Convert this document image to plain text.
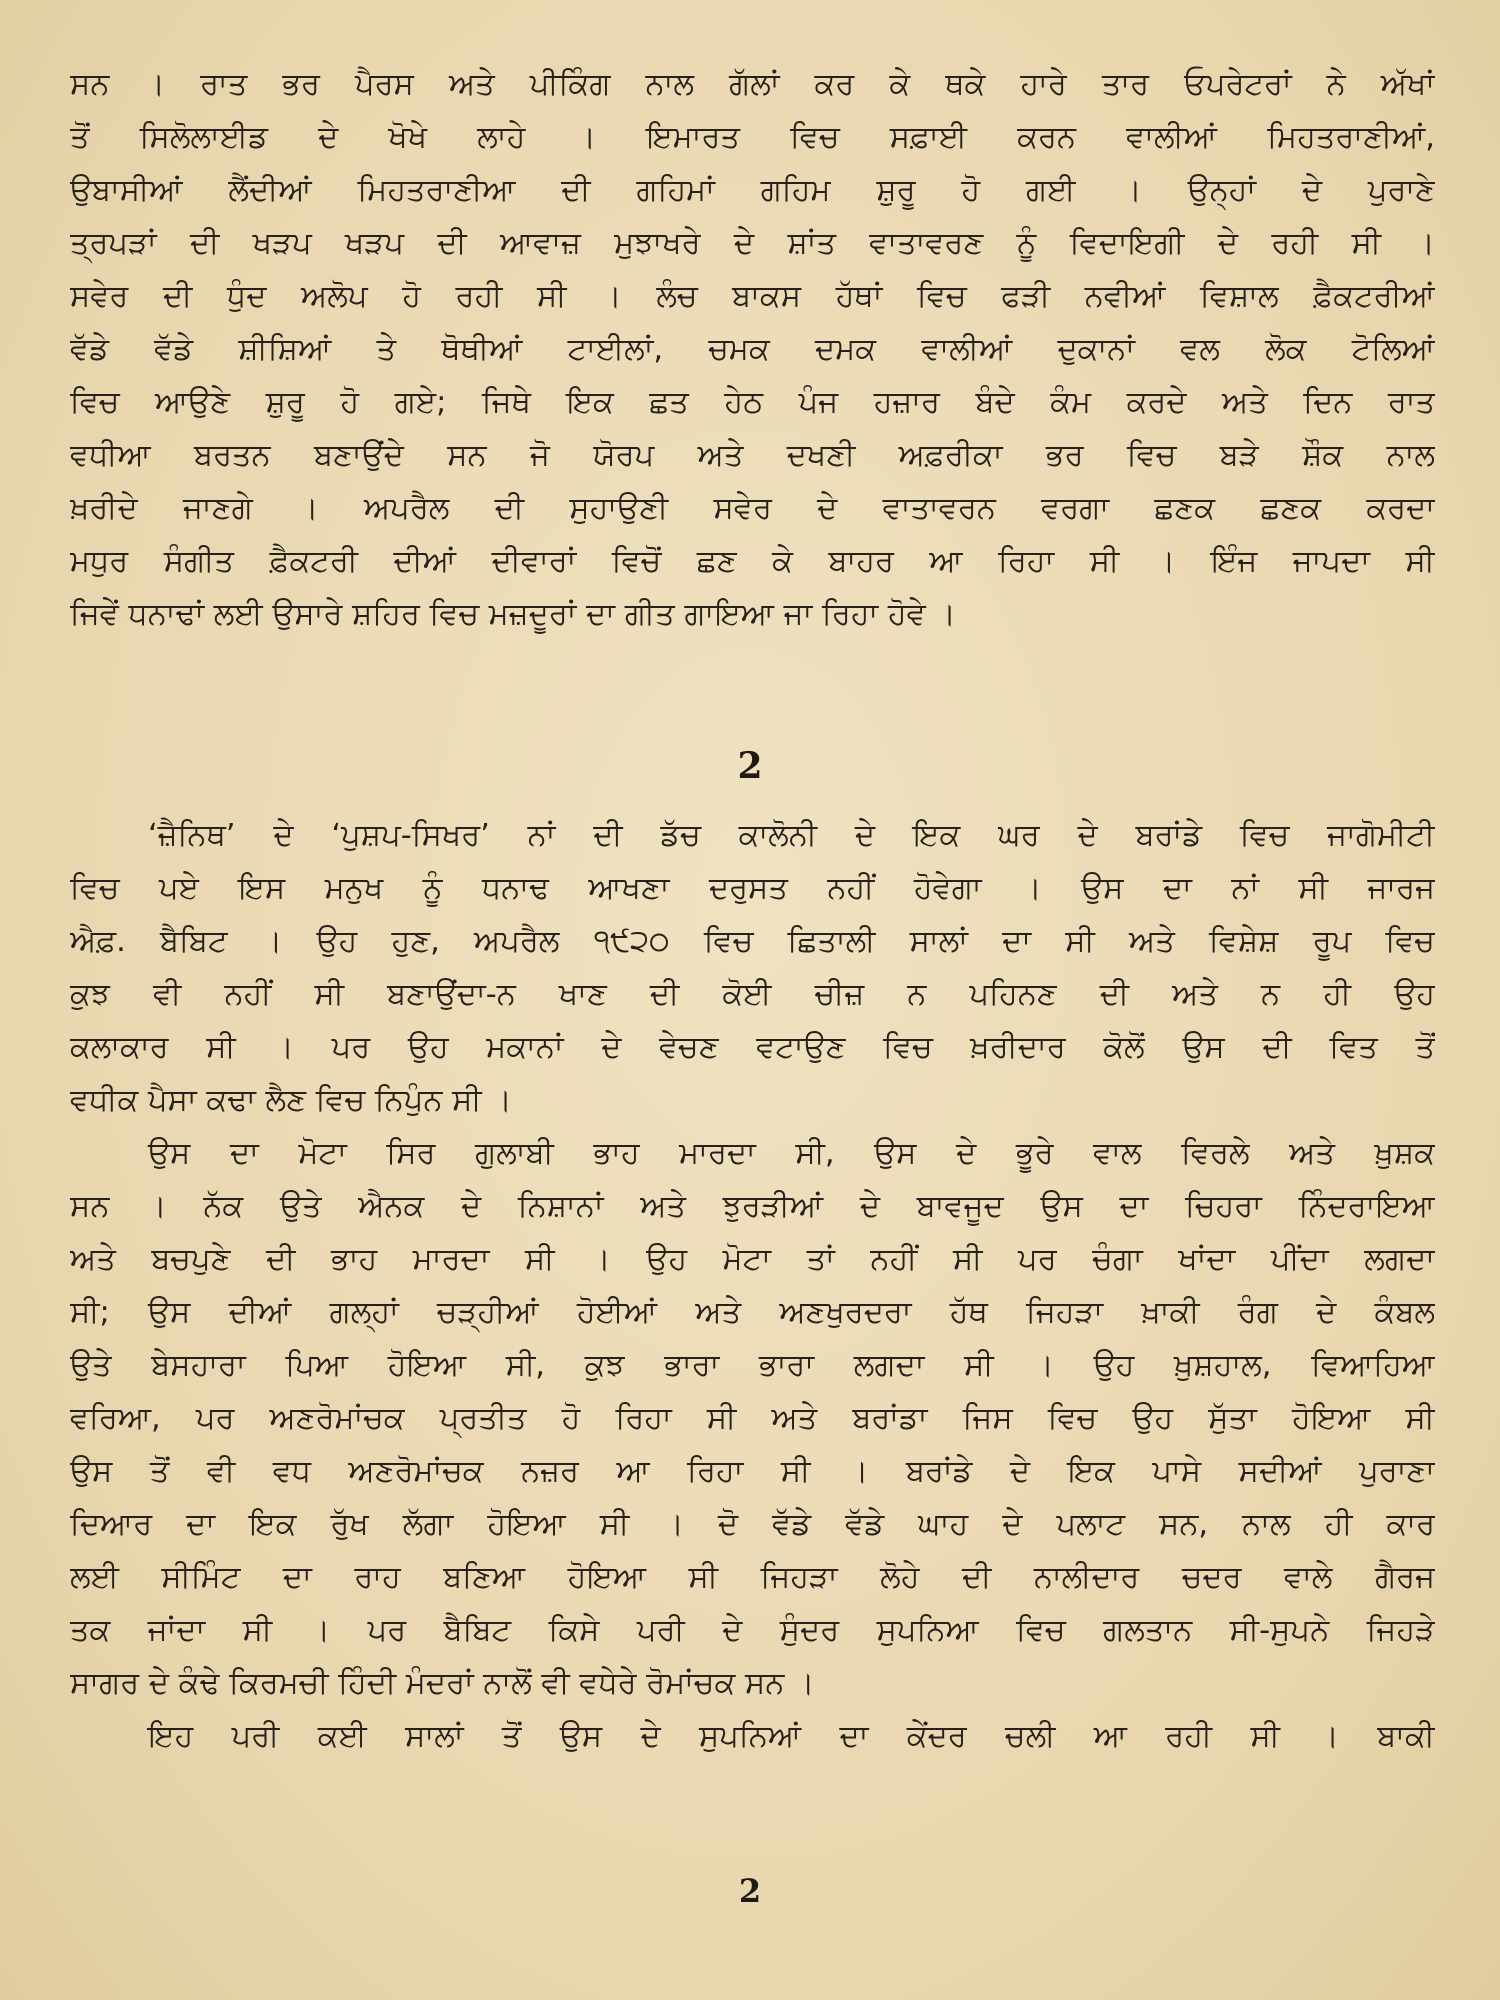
ਸਨ । ਰਾਤ ਭਰ ਪੈਰਸ ਅਤੇ ਪੀਕਿੰਗ ਨਾਲ ਗੱਲਾਂ ਕਰ ਕੇ ਥਕੇ ਹਾਰੇ ਤਾਰ ਓਪਰੇਟਰਾਂ ਨੇ ਅੱਖਾਂ
ਤੋਂ ਸਿਲੋਲਾਈਡ ਦੇ ਖੋਖੇ ਲਾਹੇ । ਇਮਾਰਤ ਵਿਚ ਸਫ਼ਾਈ ਕਰਨ ਵਾਲੀਆਂ ਮਿਹਤਰਾਣੀਆਂ,
ਉਬਾਸੀਆਂ ਲੈਂਦੀਆਂ ਮਿਹਤਰਾਣੀਆ ਦੀ ਗਹਿਮਾਂ ਗਹਿਮ ਸ਼ੁਰੂ ਹੋ ਗਈ । ਉਨ੍ਹਾਂ ਦੇ ਪੁਰਾਣੇ
ਤ੍ਰਪੜਾਂ ਦੀ ਖੜਪ ਖੜਪ ਦੀ ਆਵਾਜ਼ ਮੁਝਾਖਰੇ ਦੇ ਸ਼ਾਂਤ ਵਾਤਾਵਰਣ ਨੂੰ ਵਿਦਾਇਗੀ ਦੇ ਰਹੀ ਸੀ ।
ਸਵੇਰ ਦੀ ਧੁੰਦ ਅਲੋਪ ਹੋ ਰਹੀ ਸੀ । ਲੰਚ ਬਾਕਸ ਹੱਥਾਂ ਵਿਚ ਫੜੀ ਨਵੀਆਂ ਵਿਸ਼ਾਲ ਫ਼ੈਕਟਰੀਆਂ
ਵੱਡੇ ਵੱਡੇ ਸ਼ੀਸ਼ਿਆਂ ਤੇ ਥੋਥੀਆਂ ਟਾਈਲਾਂ, ਚਮਕ ਦਮਕ ਵਾਲੀਆਂ ਦੁਕਾਨਾਂ ਵਲ ਲੋਕ ਟੋਲਿਆਂ
ਵਿਚ ਆਉਣੇ ਸ਼ੁਰੂ ਹੋ ਗਏ; ਜਿਥੇ ਇਕ ਛਤ ਹੇਠ ਪੰਜ ਹਜ਼ਾਰ ਬੰਦੇ ਕੰਮ ਕਰਦੇ ਅਤੇ ਦਿਨ ਰਾਤ
ਵਧੀਆ ਬਰਤਨ ਬਣਾਉਂਦੇ ਸਨ ਜੋ ਯੋਰਪ ਅਤੇ ਦਖਣੀ ਅਫ਼ਰੀਕਾ ਭਰ ਵਿਚ ਬੜੇ ਸ਼ੌਕ ਨਾਲ
ਖ਼ਰੀਦੇ ਜਾਣਗੇ । ਅਪਰੈਲ ਦੀ ਸੁਹਾਉਣੀ ਸਵੇਰ ਦੇ ਵਾਤਾਵਰਨ ਵਰਗਾ ਛਣਕ ਛਣਕ ਕਰਦਾ
ਮਧੁਰ ਸੰਗੀਤ ਫ਼ੈਕਟਰੀ ਦੀਆਂ ਦੀਵਾਰਾਂ ਵਿਚੋਂ ਛਣ ਕੇ ਬਾਹਰ ਆ ਰਿਹਾ ਸੀ । ਇੰਜ ਜਾਪਦਾ ਸੀ
ਜਿਵੇਂ ਧਨਾਢਾਂ ਲਈ ਉਸਾਰੇ ਸ਼ਹਿਰ ਵਿਚ ਮਜ਼ਦੂਰਾਂ ਦਾ ਗੀਤ ਗਾਇਆ ਜਾ ਰਿਹਾ ਹੋਵੇ ।
2
‘ਜ਼ੈਨਿਥ’ ਦੇ ‘ਪੁਸ਼ਪ-ਸਿਖਰ’ ਨਾਂ ਦੀ ਡੱਚ ਕਾਲੋਨੀ ਦੇ ਇਕ ਘਰ ਦੇ ਬਰਾਂਡੇ ਵਿਚ ਜਾਗੋਮੀਟੀ
ਵਿਚ ਪਏ ਇਸ ਮਨੁਖ ਨੂੰ ਧਨਾਢ ਆਖਣਾ ਦਰੁਸਤ ਨਹੀਂ ਹੋਵੇਗਾ । ਉਸ ਦਾ ਨਾਂ ਸੀ ਜਾਰਜ
ਐਫ਼. ਬੈਬਿਟ । ਉਹ ਹੁਣ, ਅਪਰੈਲ ੧੯੨੦ ਵਿਚ ਛਿਤਾਲੀ ਸਾਲਾਂ ਦਾ ਸੀ ਅਤੇ ਵਿਸ਼ੇਸ਼ ਰੂਪ ਵਿਚ
ਕੁਝ ਵੀ ਨਹੀਂ ਸੀ ਬਣਾਉਂਦਾ-ਨ ਖਾਣ ਦੀ ਕੋਈ ਚੀਜ਼ ਨ ਪਹਿਨਣ ਦੀ ਅਤੇ ਨ ਹੀ ਉਹ
ਕਲਾਕਾਰ ਸੀ । ਪਰ ਉਹ ਮਕਾਨਾਂ ਦੇ ਵੇਚਣ ਵਟਾਉਣ ਵਿਚ ਖ਼ਰੀਦਾਰ ਕੋਲੋਂ ਉਸ ਦੀ ਵਿਤ ਤੋਂ
ਵਧੀਕ ਪੈਸਾ ਕਢਾ ਲੈਣ ਵਿਚ ਨਿਪੁੰਨ ਸੀ ।
ਉਸ ਦਾ ਮੋਟਾ ਸਿਰ ਗੁਲਾਬੀ ਭਾਹ ਮਾਰਦਾ ਸੀ, ਉਸ ਦੇ ਭੂਰੇ ਵਾਲ ਵਿਰਲੇ ਅਤੇ ਖ਼ੁਸ਼ਕ
ਸਨ । ਨੱਕ ਉਤੇ ਐਨਕ ਦੇ ਨਿਸ਼ਾਨਾਂ ਅਤੇ ਝੁਰੜੀਆਂ ਦੇ ਬਾਵਜੂਦ ਉਸ ਦਾ ਚਿਹਰਾ ਨਿੰਦਰਾਇਆ
ਅਤੇ ਬਚਪੁਣੇ ਦੀ ਭਾਹ ਮਾਰਦਾ ਸੀ । ਉਹ ਮੋਟਾ ਤਾਂ ਨਹੀਂ ਸੀ ਪਰ ਚੰਗਾ ਖਾਂਦਾ ਪੀਂਦਾ ਲਗਦਾ
ਸੀ; ਉਸ ਦੀਆਂ ਗਲ੍ਹਾਂ ਚੜ੍ਹੀਆਂ ਹੋਈਆਂ ਅਤੇ ਅਣਖੁਰਦਰਾ ਹੱਥ ਜਿਹੜਾ ਖ਼ਾਕੀ ਰੰਗ ਦੇ ਕੰਬਲ
ਉਤੇ ਬੇਸਹਾਰਾ ਪਿਆ ਹੋਇਆ ਸੀ, ਕੁਝ ਭਾਰਾ ਭਾਰਾ ਲਗਦਾ ਸੀ । ਉਹ ਖ਼ੁਸ਼ਹਾਲ, ਵਿਆਹਿਆ
ਵਰਿਆ, ਪਰ ਅਣਰੋਮਾਂਚਕ ਪ੍ਰਤੀਤ ਹੋ ਰਿਹਾ ਸੀ ਅਤੇ ਬਰਾਂਡਾ ਜਿਸ ਵਿਚ ਉਹ ਸੁੱਤਾ ਹੋਇਆ ਸੀ
ਉਸ ਤੋਂ ਵੀ ਵਧ ਅਣਰੋਮਾਂਚਕ ਨਜ਼ਰ ਆ ਰਿਹਾ ਸੀ । ਬਰਾਂਡੇ ਦੇ ਇਕ ਪਾਸੇ ਸਦੀਆਂ ਪੁਰਾਣਾ
ਦਿਆਰ ਦਾ ਇਕ ਰੁੱਖ ਲੱਗਾ ਹੋਇਆ ਸੀ । ਦੋ ਵੱਡੇ ਵੱਡੇ ਘਾਹ ਦੇ ਪਲਾਟ ਸਨ, ਨਾਲ ਹੀ ਕਾਰ
ਲਈ ਸੀਮਿੰਟ ਦਾ ਰਾਹ ਬਣਿਆ ਹੋਇਆ ਸੀ ਜਿਹੜਾ ਲੋਹੇ ਦੀ ਨਾਲੀਦਾਰ ਚਦਰ ਵਾਲੇ ਗੈਰਜ
ਤਕ ਜਾਂਦਾ ਸੀ । ਪਰ ਬੈਬਿਟ ਕਿਸੇ ਪਰੀ ਦੇ ਸੁੰਦਰ ਸੁਪਨਿਆ ਵਿਚ ਗਲਤਾਨ ਸੀ-ਸੁਪਨੇ ਜਿਹੜੇ
ਸਾਗਰ ਦੇ ਕੰਢੇ ਕਿਰਮਚੀ ਹਿੰਦੀ ਮੰਦਰਾਂ ਨਾਲੋਂ ਵੀ ਵਧੇਰੇ ਰੋਮਾਂਚਕ ਸਨ ।
ਇਹ ਪਰੀ ਕਈ ਸਾਲਾਂ ਤੋਂ ਉਸ ਦੇ ਸੁਪਨਿਆਂ ਦਾ ਕੇਂਦਰ ਚਲੀ ਆ ਰਹੀ ਸੀ । ਬਾਕੀ
2
